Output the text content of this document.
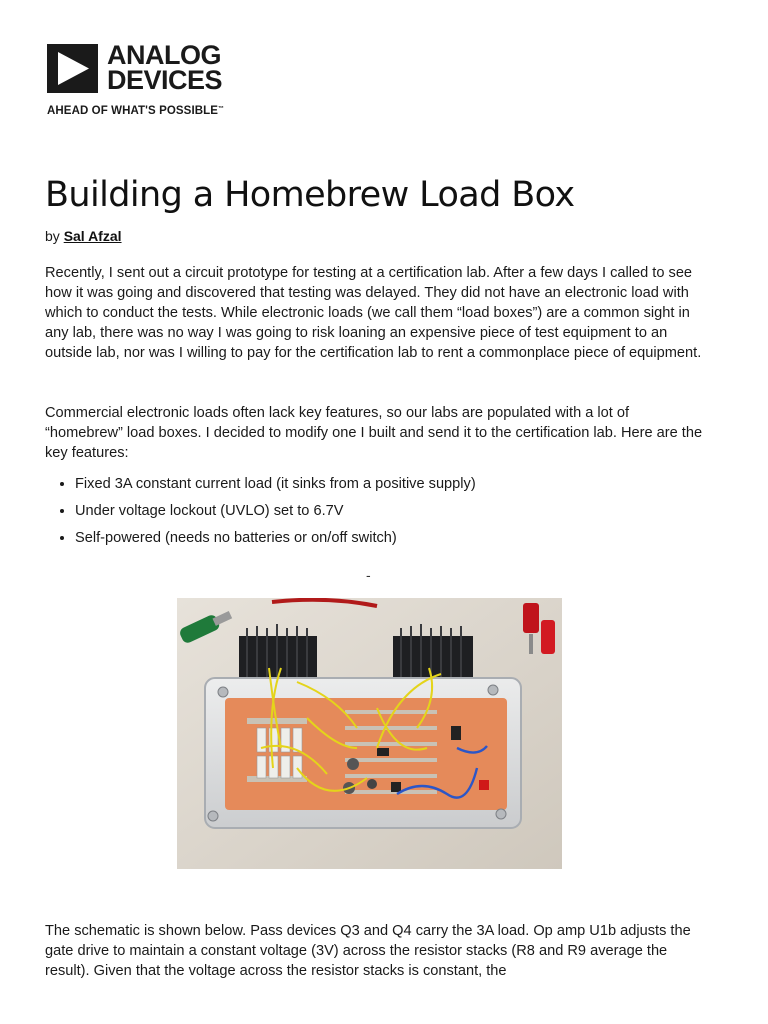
ANALOG
DEVICES
AHEAD OF WHAT'S POSSIBLE™
Building a Homebrew Load Box
by Sal Afzal

Recently, I sent out a circuit prototype for testing at a certification lab. After a few days I called to see how it was going and discovered that testing was delayed. They did not have an electronic load with which to conduct the tests. While electronic loads (we call them “load boxes”) are a common sight in any lab, there was no way I was going to risk loaning an expensive piece of test equipment to an outside lab, nor was I willing to pay for the certification lab to rent a commonplace piece of equipment.

Commercial electronic loads often lack key features, so our labs are populated with a lot of “homebrew” load boxes. I decided to modify one I built and send it to the certification lab. Here are the key features:

• Fixed 3A constant current load (it sinks from a positive supply)
• Under voltage lockout (UVLO) set to 6.7V
• Self-powered (needs no batteries or on/off switch)
-

The schematic is shown below. Pass devices Q3 and Q4 carry the 3A load. Op amp U1b adjusts the gate drive to maintain a constant voltage (3V) across the resistor stacks (R8 and R9 average the result). Given that the voltage across the resistor stacks is constant, the
